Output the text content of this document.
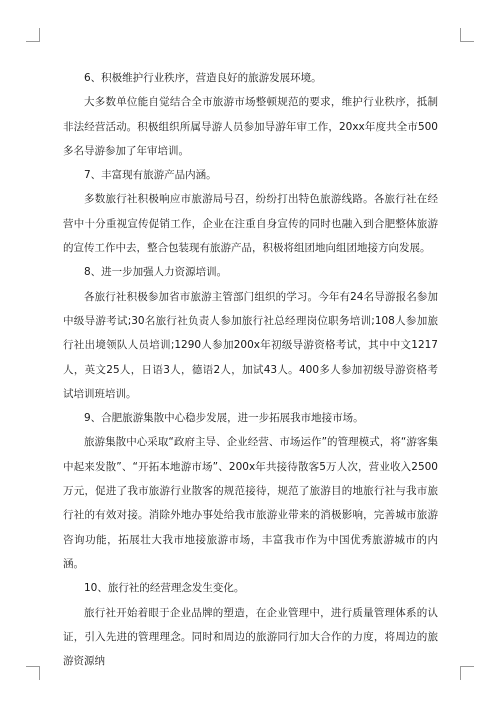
6、积极维护行业秩序，营造良好的旅游发展环境。

大多数单位能自觉结合全市旅游市场整顿规范的要求，维护行业秩序，抵制非法经营活动。积极组织所属导游人员参加导游年审工作，20xx年度共全市500多名导游参加了年审培训。

7、丰富现有旅游产品内涵。

多数旅行社积极响应市旅游局号召，纷纷打出特色旅游线路。各旅行社在经营中十分重视宣传促销工作，企业在注重自身宣传的同时也融入到合肥整体旅游的宣传工作中去，整合包装现有旅游产品，积极将组团地向组团地接方向发展。

8、进一步加强人力资源培训。

各旅行社积极参加省市旅游主管部门组织的学习。今年有24名导游报名参加中级导游考试;30名旅行社负责人参加旅行社总经理岗位职务培训;108人参加旅行社出境领队人员培训;1290人参加200x年初级导游资格考试，其中中文1217人，英文25人，日语3人，德语2人，加试43人。400多人参加初级导游资格考试培训班培训。

9、合肥旅游集散中心稳步发展，进一步拓展我市地接市场。

旅游集散中心采取“政府主导、企业经营、市场运作”的管理模式，将“游客集中起来发散”、“开拓本地游市场”、200x年共接待散客5万人次，营业收入2500万元，促进了我市旅游行业散客的规范接待，规范了旅游目的地旅行社与我市旅行社的有效对接。消除外地办事处给我市旅游业带来的消极影响，完善城市旅游咨询功能，拓展壮大我市地接旅游市场，丰富我市作为中国优秀旅游城市的内涵。

10、旅行社的经营理念发生变化。

旅行社开始着眼于企业品牌的塑造，在企业管理中，进行质量管理体系的认证，引入先进的管理理念。同时和周边的旅游同行加大合作的力度，将周边的旅游资源纳
